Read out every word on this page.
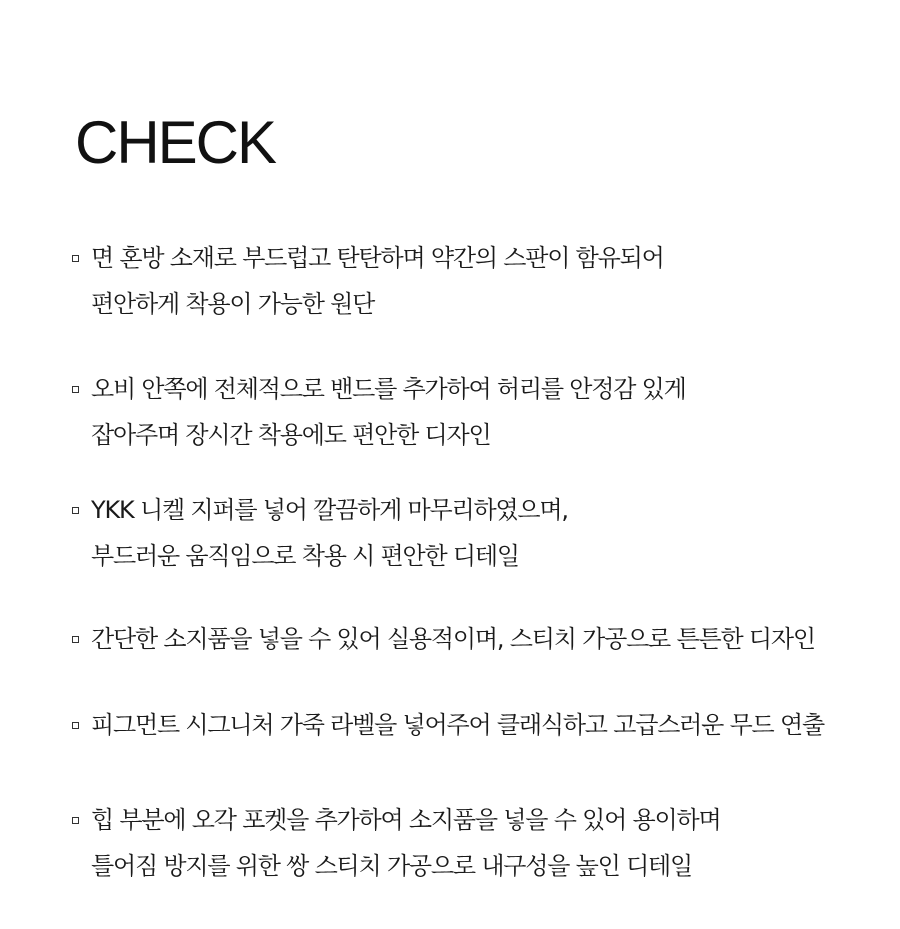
CHECK
면 혼방 소재로 부드럽고 탄탄하며 약간의 스판이 함유되어
편안하게 착용이 가능한 원단
오비 안쪽에 전체적으로 밴드를 추가하여 허리를 안정감 있게
잡아주며 장시간 착용에도 편안한 디자인
YKK 니켈 지퍼를 넣어 깔끔하게 마무리하였으며,
부드러운 움직임으로 착용 시 편안한 디테일
간단한 소지품을 넣을 수 있어 실용적이며, 스티치 가공으로 튼튼한 디자인
피그먼트 시그니처 가죽 라벨을 넣어주어 클래식하고 고급스러운 무드 연출
힙 부분에 오각 포켓을 추가하여 소지품을 넣을 수 있어 용이하며
틀어짐 방지를 위한 쌍 스티치 가공으로 내구성을 높인 디테일
